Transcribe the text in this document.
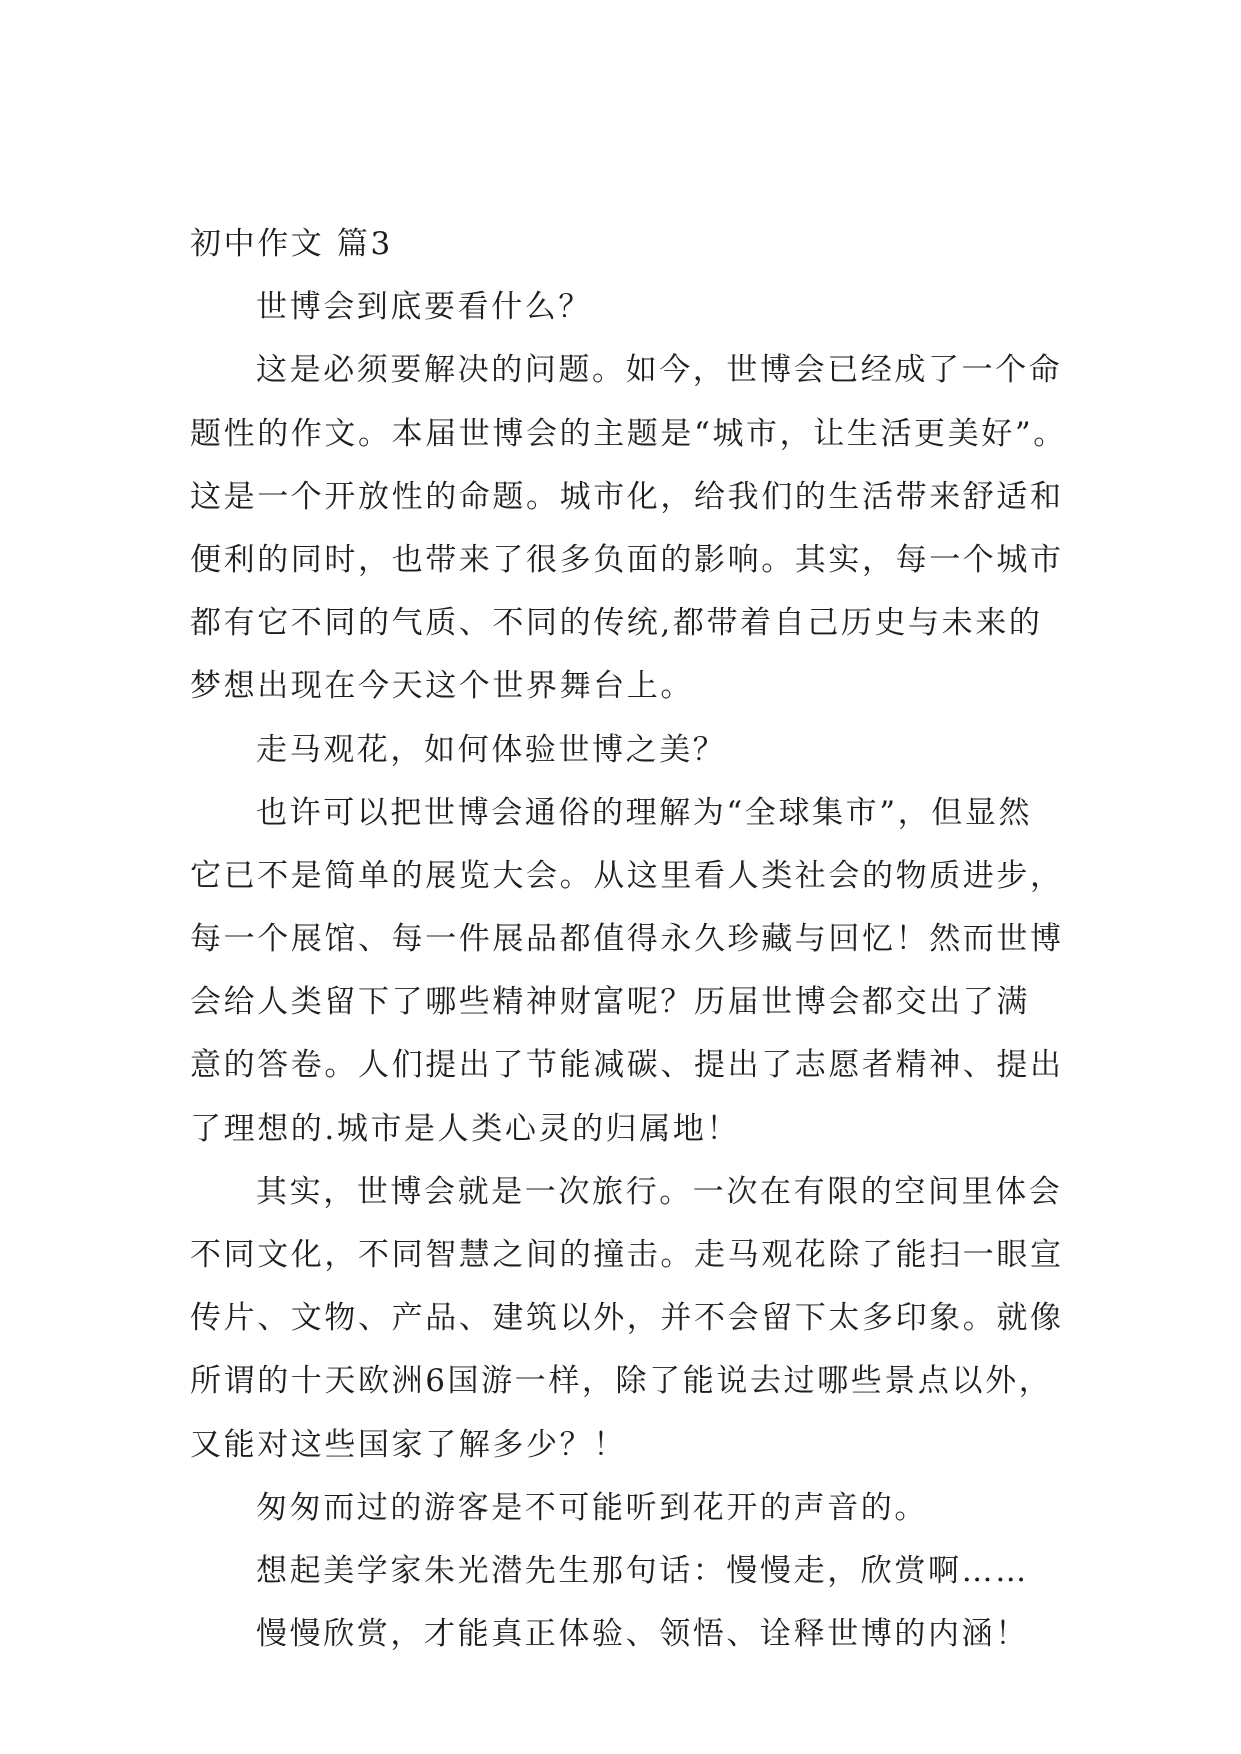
初中作文 篇3
世博会到底要看什么？
这是必须要解决的问题。如今，世博会已经成了一个命
题性的作文。本届世博会的主题是“城市，让生活更美好”。
这是一个开放性的命题。城市化，给我们的生活带来舒适和
便利的同时，也带来了很多负面的影响。其实，每一个城市
都有它不同的气质、不同的传统,都带着自己历史与未来的
梦想出现在今天这个世界舞台上。
走马观花，如何体验世博之美？
也许可以把世博会通俗的理解为“全球集市”，但显然
它已不是简单的展览大会。从这里看人类社会的物质进步，
每一个展馆、每一件展品都值得永久珍藏与回忆！然而世博
会给人类留下了哪些精神财富呢？历届世博会都交出了满
意的答卷。人们提出了节能减碳、提出了志愿者精神、提出
了理想的.城市是人类心灵的归属地！
其实，世博会就是一次旅行。一次在有限的空间里体会
不同文化，不同智慧之间的撞击。走马观花除了能扫一眼宣
传片、文物、产品、建筑以外，并不会留下太多印象。就像
所谓的十天欧洲6国游一样，除了能说去过哪些景点以外，
又能对这些国家了解多少？！
匆匆而过的游客是不可能听到花开的声音的。
想起美学家朱光潜先生那句话：慢慢走，欣赏啊……
慢慢欣赏，才能真正体验、领悟、诠释世博的内涵！
